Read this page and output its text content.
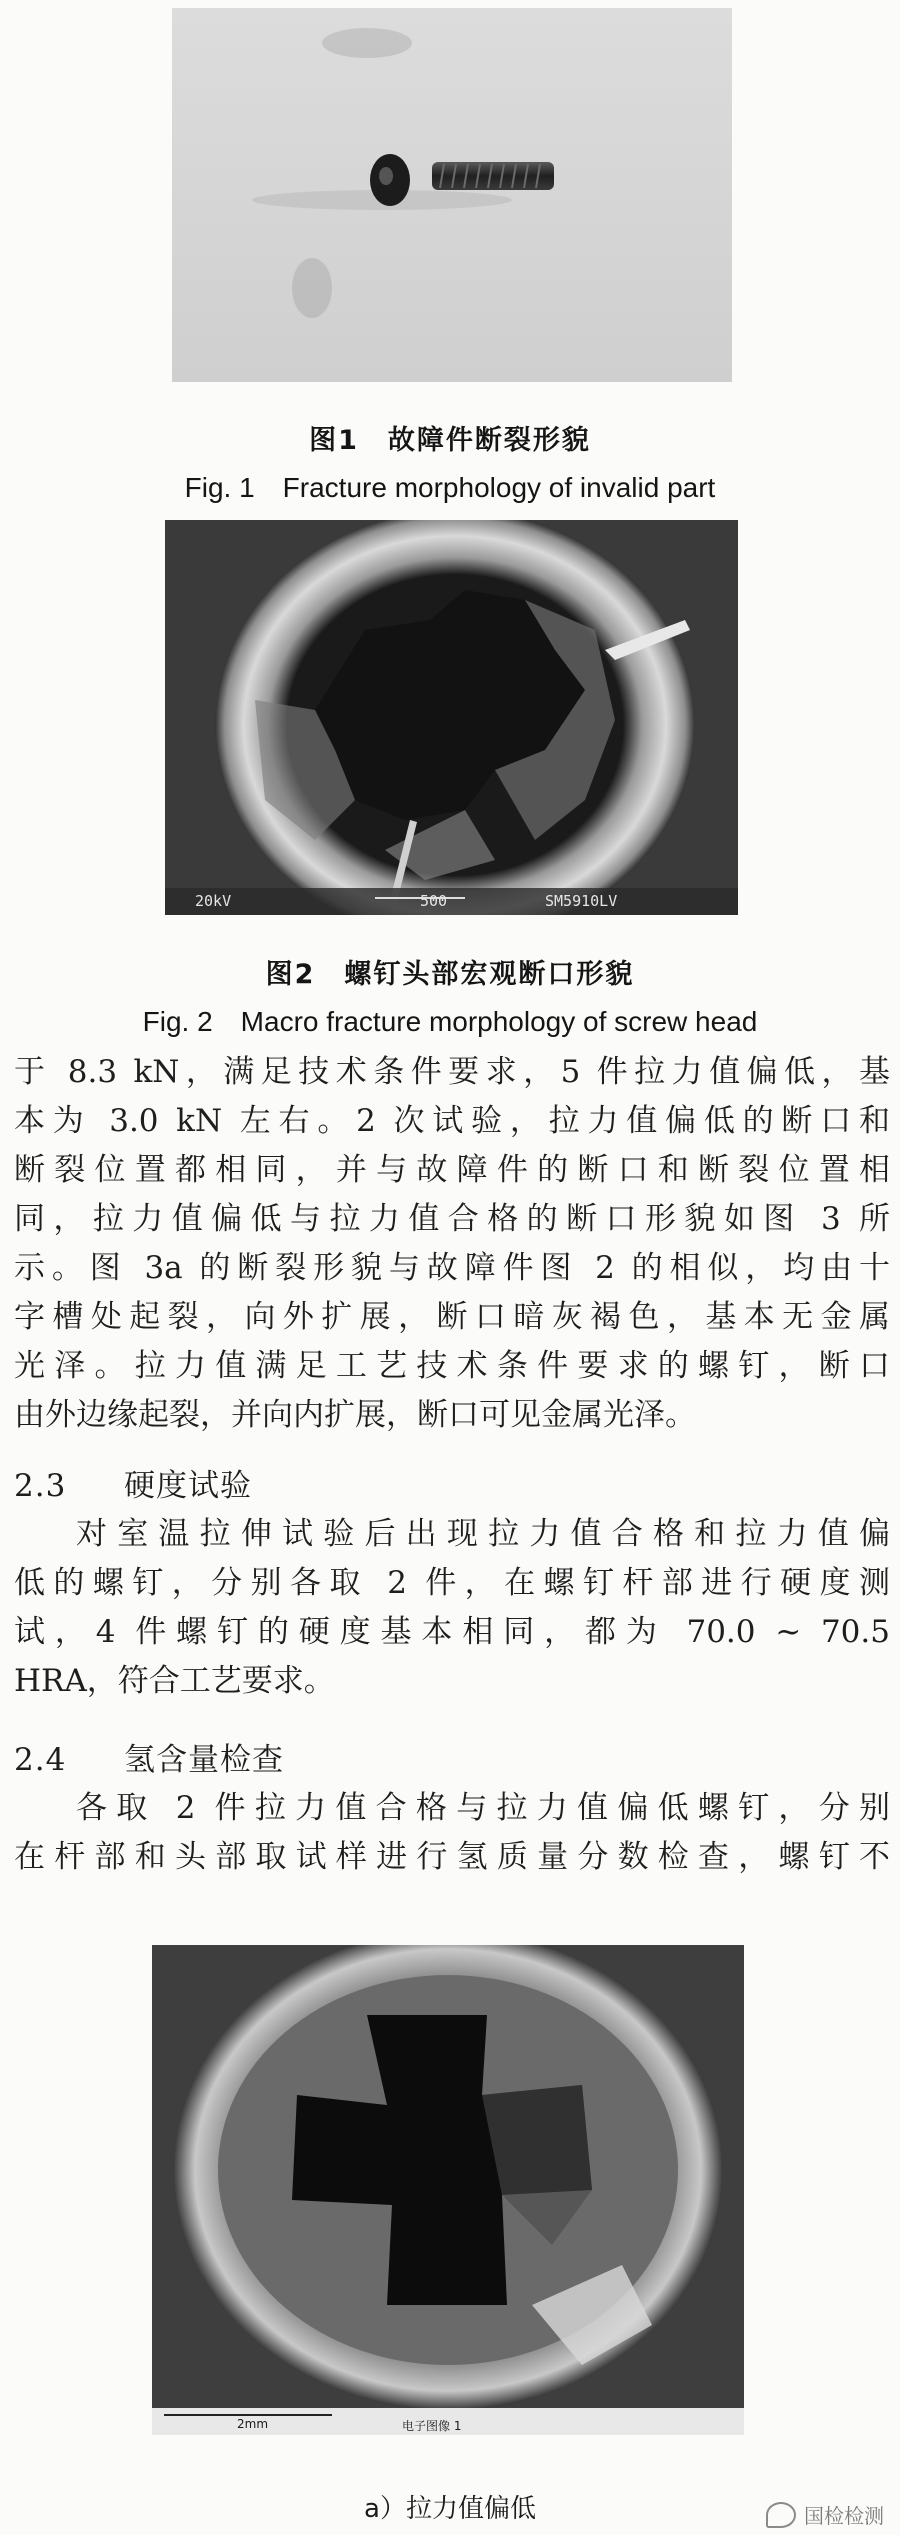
图1　故障件断裂形貌
Fig. 1　Fracture morphology of invalid part
20kV	500	SM5910LV
图2　螺钉头部宏观断口形貌
Fig. 2　Macro fracture morphology of screw head
于 8.3 kN，满足技术条件要求，5 件拉力值偏低，基
本为 3.0 kN 左右。2 次试验，拉力值偏低的断口和
断裂位置都相同，并与故障件的断口和断裂位置相
同，拉力值偏低与拉力值合格的断口形貌如图 3 所
示。图 3a 的断裂形貌与故障件图 2 的相似，均由十
字槽处起裂，向外扩展，断口暗灰褐色，基本无金属
光泽。拉力值满足工艺技术条件要求的螺钉，断口
由外边缘起裂，并向内扩展，断口可见金属光泽。
2.3 硬度试验
对室温拉伸试验后出现拉力值合格和拉力值偏
低的螺钉，分别各取 2 件，在螺钉杆部进行硬度测
试，4 件螺钉的硬度基本相同，都为 70.0 ~ 70.5
HRA，符合工艺要求。
2.4 氢含量检查
各取 2 件拉力值合格与拉力值偏低螺钉，分别
在杆部和头部取试样进行氢质量分数检查，螺钉不
2mm	电子图像 1
a）拉力值偏低	国检检测
